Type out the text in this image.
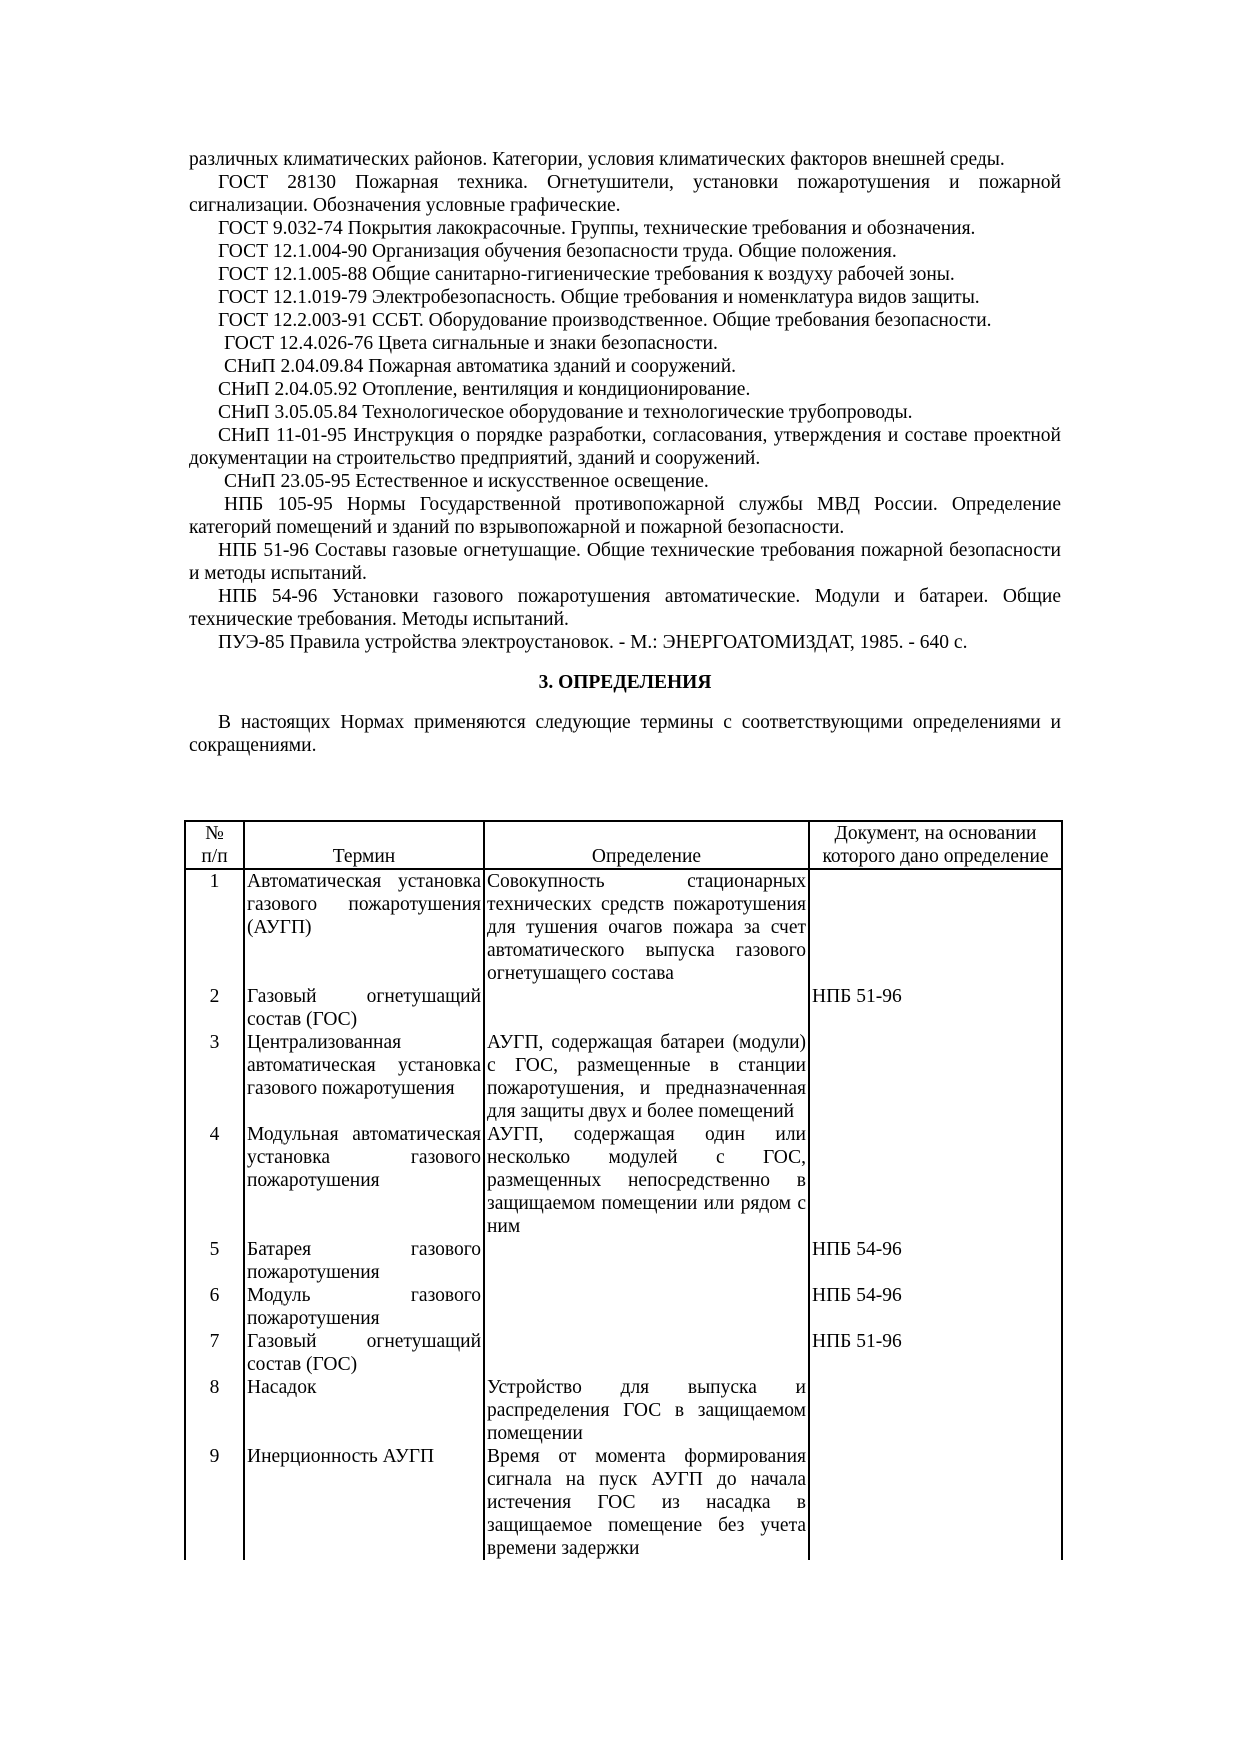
различных климатических районов. Категории, условия климатических факторов внешней среды.

ГОСТ 28130 Пожарная техника. Огнетушители, установки пожаротушения и пожарной сигнализации. Обозначения условные графические.

ГОСТ 9.032-74 Покрытия лакокрасочные. Группы, технические требования и обозначения.

ГОСТ 12.1.004-90 Организация обучения безопасности труда. Общие положения.

ГОСТ 12.1.005-88 Общие санитарно-гигиенические требования к воздуху рабочей зоны.

ГОСТ 12.1.019-79 Электробезопасность. Общие требования и номенклатура видов защиты.

ГОСТ 12.2.003-91 ССБТ. Оборудование производственное. Общие требования безопасности.

ГОСТ 12.4.026-76 Цвета сигнальные и знаки безопасности.

СНиП 2.04.09.84 Пожарная автоматика зданий и сооружений.

СНиП 2.04.05.92 Отопление, вентиляция и кондиционирование.

СНиП 3.05.05.84 Технологическое оборудование и технологические трубопроводы.

СНиП 11-01-95 Инструкция о порядке разработки, согласования, утверждения и составе проектной документации на строительство предприятий, зданий и сооружений.

СНиП 23.05-95 Естественное и искусственное освещение.

НПБ 105-95 Нормы Государственной противопожарной службы МВД России. Определение категорий помещений и зданий по взрывопожарной и пожарной безопасности.

НПБ 51-96 Составы газовые огнетушащие. Общие технические требования пожарной безопасности и методы испытаний.

НПБ 54-96 Установки газового пожаротушения автоматические. Модули и батареи. Общие технические требования. Методы испытаний.

ПУЭ-85 Правила устройства электроустановок. - М.: ЭНЕРГОАТОМИЗДАТ, 1985. - 640 с.

3. ОПРЕДЕЛЕНИЯ

В настоящих Нормах применяются следующие термины с соответствующими определениями и сокращениями.

№
п/п	Термин	Определение	Документ, на основании которого дано определение
1	Автоматическая установка газового пожаротушения (АУГП)	Совокупность стационарных технических средств пожаротушения для тушения очагов пожара за счет автоматического выпуска газового огнетушащего состава	
2	Газовый огнетушащий состав (ГОС)		НПБ 51-96
3	Централизованная автоматическая установка газового пожаротушения	АУГП, содержащая батареи (модули) с ГОС, размещенные в станции пожаротушения, и предназначенная для защиты двух и более помещений	
4	Модульная автоматическая установка газового пожаротушения	АУГП, содержащая один или несколько модулей с ГОС, размещенных непосредственно в защищаемом помещении или рядом с ним	
5	Батарея газового пожаротушения		НПБ 54-96
6	Модуль газового пожаротушения		НПБ 54-96
7	Газовый огнетушащий состав (ГОС)		НПБ 51-96
8	Насадок	Устройство для выпуска и распределения ГОС в защищаемом помещении	
9	Инерционность АУГП	Время от момента формирования сигнала на пуск АУГП до начала истечения ГОС из насадка в защищаемое помещение без учета времени задержки	
